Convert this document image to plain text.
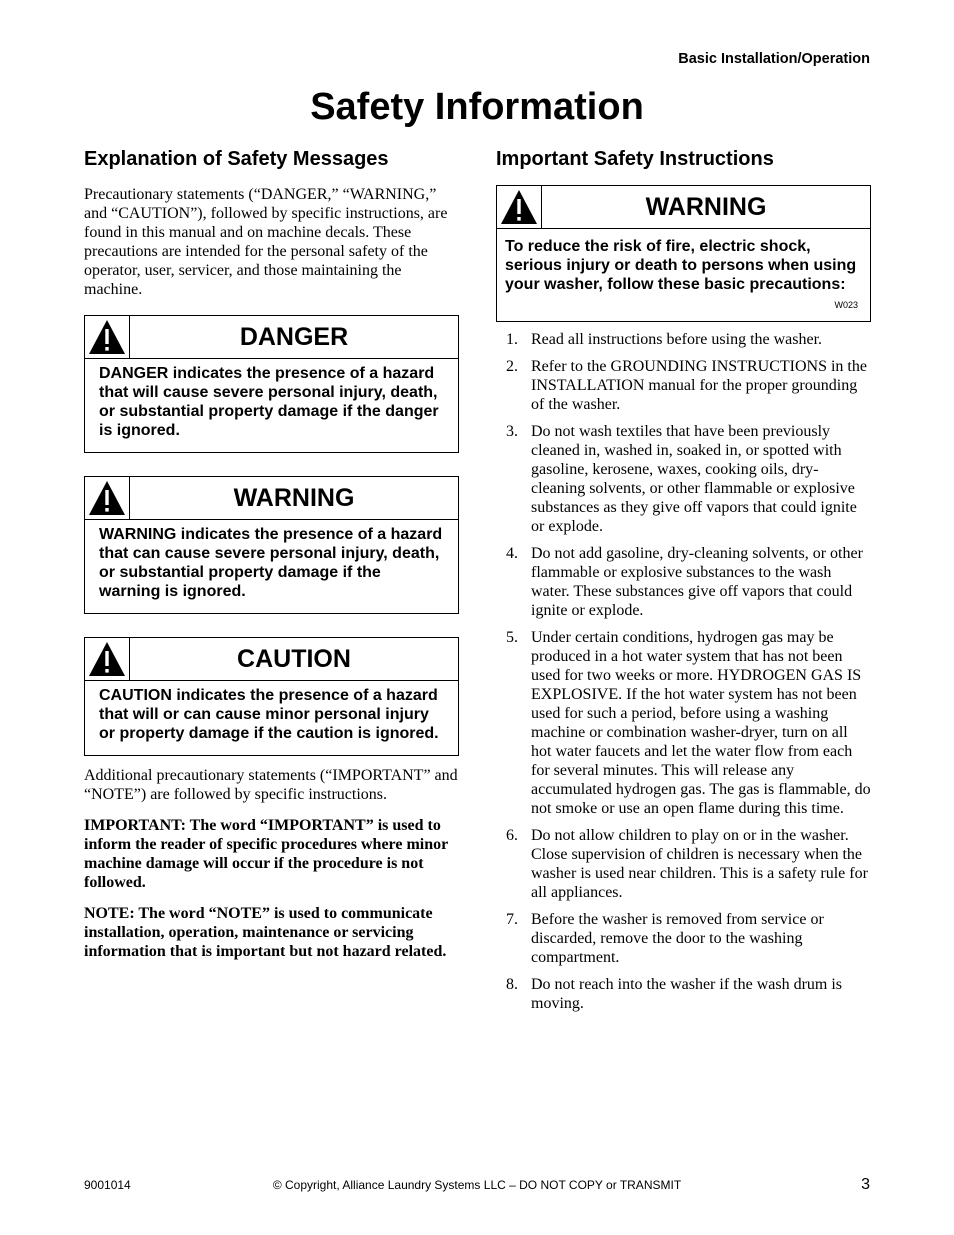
Basic Installation/Operation
Safety Information
Explanation of Safety Messages

Precautionary statements (“DANGER,” “WARNING,” and “CAUTION”), followed by specific instructions, are found in this manual and on machine decals. These precautions are intended for the personal safety of the operator, user, servicer, and those maintaining the machine.

DANGER
DANGER indicates the presence of a hazard that will cause severe personal injury, death, or substantial property damage if the danger is ignored.
WARNING
WARNING indicates the presence of a hazard that can cause severe personal injury, death, or substantial property damage if the warning is ignored.
CAUTION
CAUTION indicates the presence of a hazard that will or can cause minor personal injury or property damage if the caution is ignored.

Additional precautionary statements (“IMPORTANT” and “NOTE”) are followed by specific instructions.

IMPORTANT: The word “IMPORTANT” is used to inform the reader of specific procedures where minor machine damage will occur if the procedure is not followed.

NOTE: The word “NOTE” is used to communicate installation, operation, maintenance or servicing information that is important but not hazard related.

Important Safety Instructions
WARNING
To reduce the risk of fire, electric shock, serious injury or death to persons when using your washer, follow these basic precautions:
W023
1. Read all instructions before using the washer.
2. Refer to the GROUNDING INSTRUCTIONS in the INSTALLATION manual for the proper grounding of the washer.
3. Do not wash textiles that have been previously cleaned in, washed in, soaked in, or spotted with gasoline, kerosene, waxes, cooking oils, dry-cleaning solvents, or other flammable or explosive substances as they give off vapors that could ignite or explode.
4. Do not add gasoline, dry-cleaning solvents, or other flammable or explosive substances to the wash water. These substances give off vapors that could ignite or explode.
5. Under certain conditions, hydrogen gas may be produced in a hot water system that has not been used for two weeks or more. HYDROGEN GAS IS EXPLOSIVE. If the hot water system has not been used for such a period, before using a washing machine or combination washer-dryer, turn on all hot water faucets and let the water flow from each for several minutes. This will release any accumulated hydrogen gas. The gas is flammable, do not smoke or use an open flame during this time.
6. Do not allow children to play on or in the washer. Close supervision of children is necessary when the washer is used near children. This is a safety rule for all appliances.
7. Before the washer is removed from service or discarded, remove the door to the washing compartment.
8. Do not reach into the washer if the wash drum is moving.
9001014	© Copyright, Alliance Laundry Systems LLC – DO NOT COPY or TRANSMIT	3
